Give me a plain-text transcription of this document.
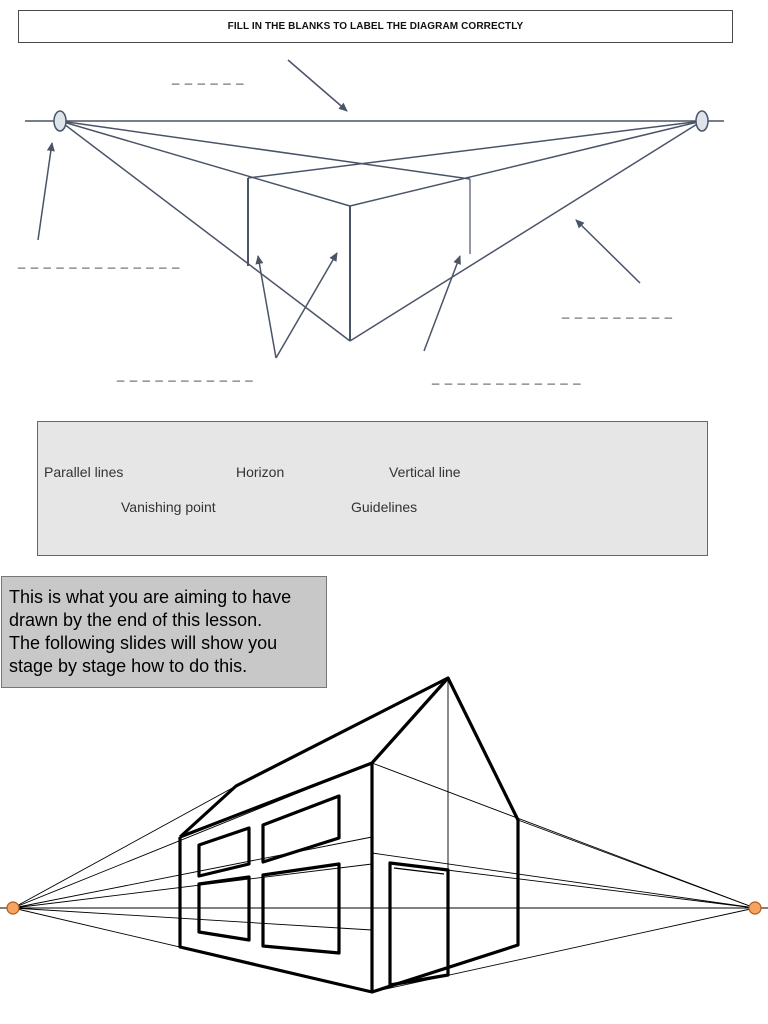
FILL IN THE BLANKS TO LABEL THE DIAGRAM CORRECTLY
_ _ _ _ _ _
_ _ _ _ _ _ _ _ _ _ _ _ _
_ _ _ _ _ _ _ _ _
_ _ _ _ _ _ _ _ _ _ _	_ _ _ _ _ _ _ _ _ _ _ _
Parallel lines	Horizon	Vertical line
Vanishing point	Guidelines
This is what you are aiming to have
drawn by the end of this lesson.
The following slides will show you
stage by stage how to do this.
